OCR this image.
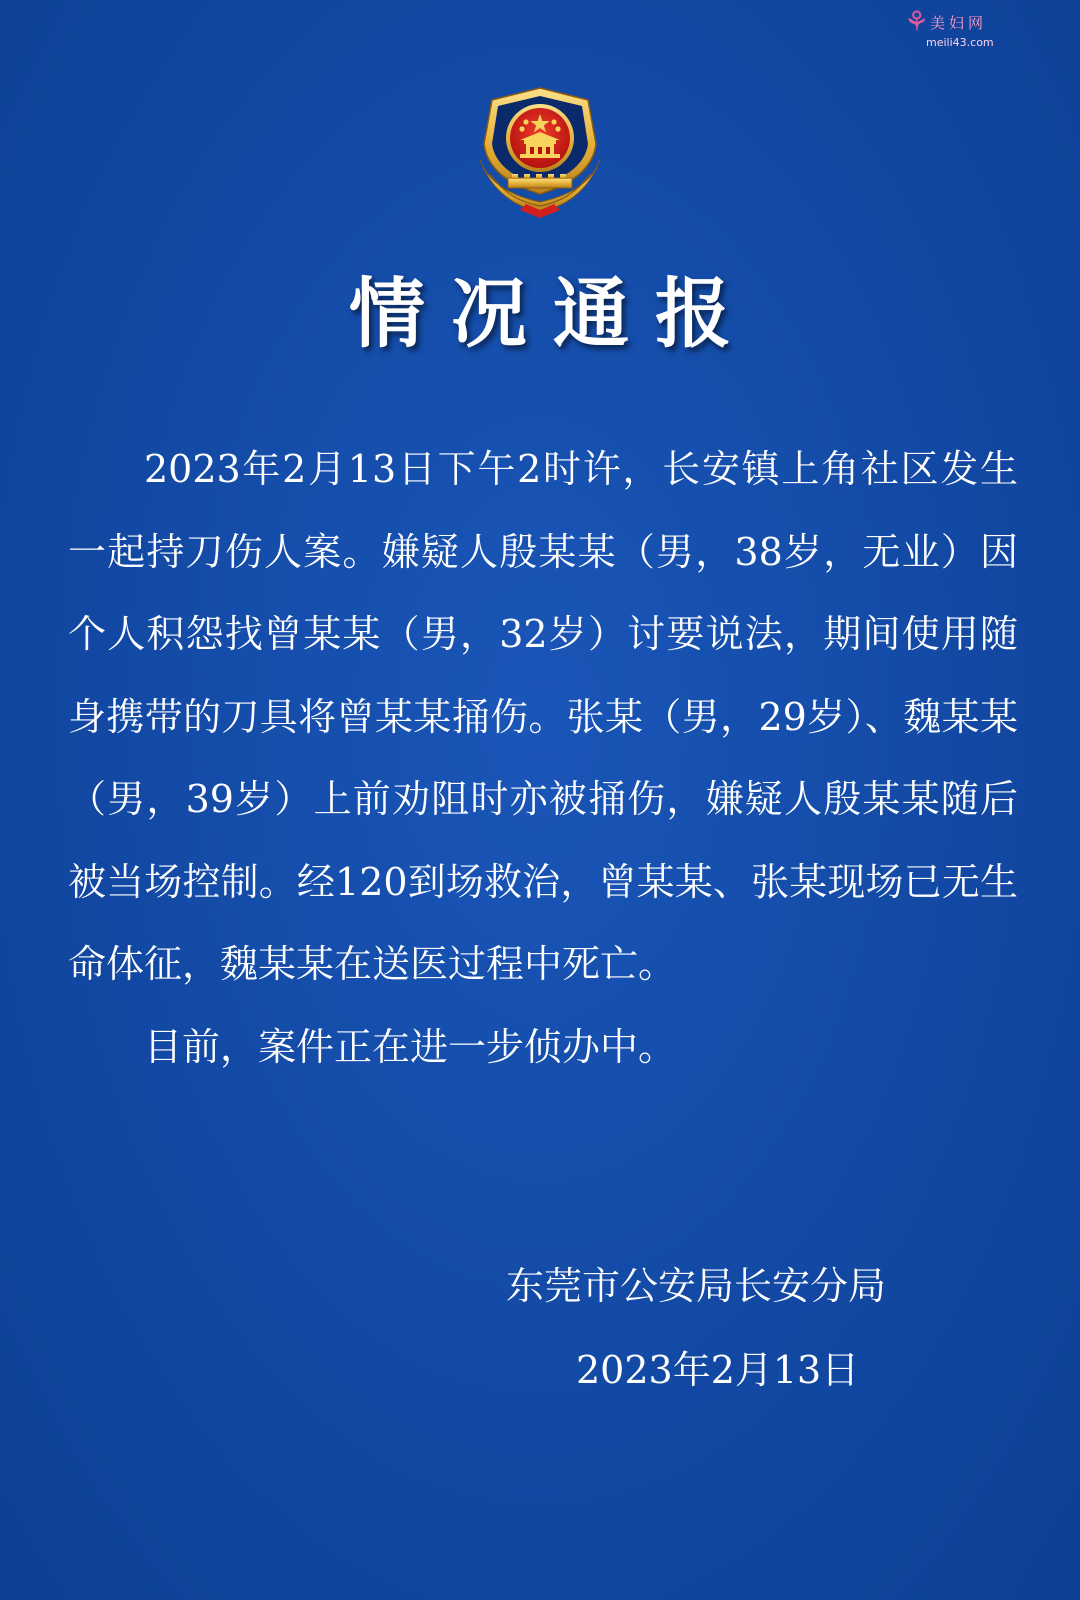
⚘ 美妇网
meili43.com
情况通报

2023年2月13日下午2时许，长安镇上角社区发生一起持刀伤人案。嫌疑人殷某某（男，38岁，无业）因个人积怨找曾某某（男，32岁）讨要说法，期间使用随身携带的刀具将曾某某捅伤。张某（男，29岁）、魏某某（男，39岁）上前劝阻时亦被捅伤，嫌疑人殷某某随后被当场控制。经120到场救治，曾某某、张某现场已无生命体征，魏某某在送医过程中死亡。

目前，案件正在进一步侦办中。

东莞市公安局长安分局
2023年2月13日
